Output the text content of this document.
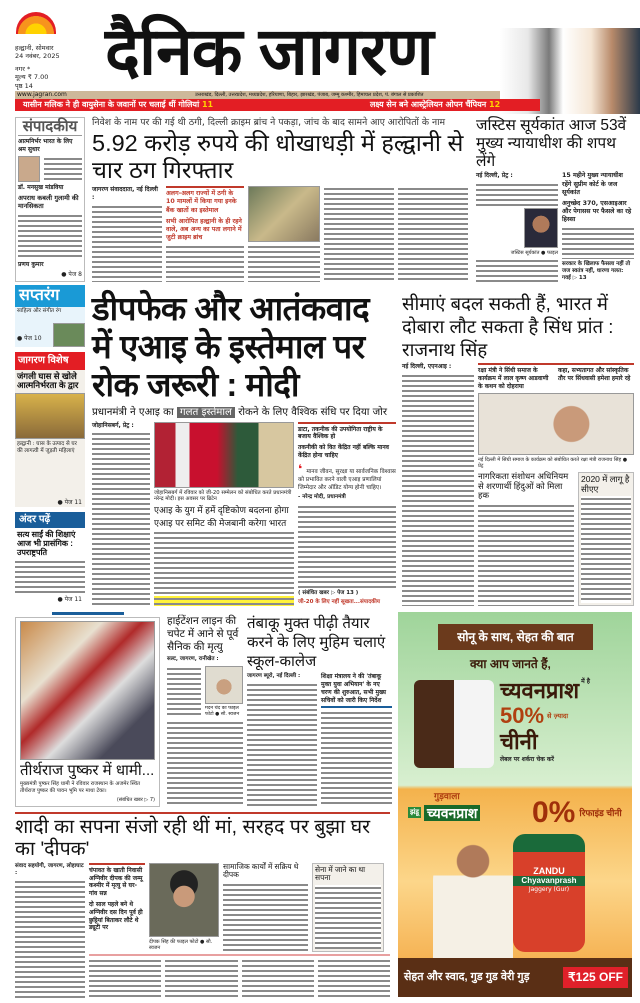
हल्द्वानी, सोमवार
24 नवंबर, 2025
नगर *
मूल्य ₹ 7.00
पृष्ठ 14	दैनिक जागरण
www.jagran.com	उत्तराखंड, दिल्ली, उत्तरप्रदेश, मध्यप्रदेश, हरियाणा, बिहार, झारखंड, पंजाब, जम्मू कश्मीर, हिमाचल प्रदेश, पं. बंगाल से प्रकाशित
यासीन मलिक ने ही वायुसेना के जवानों पर चलाई थीं गोलियां 11	लक्ष्य सेन बने आस्ट्रेलियन ओपन चैंपियन 12
संपादकीय
आत्मनिर्भर भारत के लिए श्रम सुधार
डॉ. मनसुख मांडविया
अपराध कबली गुलामी की मानसिकता
प्रणय कुमार
● पेज 8
सप्तरंग
साहित्य और संगीत रंग
● पेज 10
जागरण विशेष
जंगली घास से खोले आत्मनिर्भरता के द्वार
हल्द्वानी : घास के उत्पाद से घर की लागत्वी में जुड़ती महिलाएं
● पेज 11
अंदर पढ़ें
सत्य साईं की शिक्षाएं आज भी प्रासंगिक : उपराष्ट्रपति
● पेज 11
निवेश के नाम पर की गई थी ठगी, दिल्ली क्राइम ब्रांच ने पकड़ा, जांच के बाद सामने आए आरोपितों के नाम
5.92 करोड़ रुपये की धोखाधड़ी में हल्द्वानी से चार ठग गिरफ्तार
जागरण संवाददाता, नई दिल्ली :
अलग-अलग राज्यों में ठगी के 10 मामलों में किया गया इनके बैंक खातों का इस्तेमाल
सभी आरोपित हल्द्वानी के ही रहने वाले, अब अन्य का पता लगाने में जुटी क्राइम ब्रांच
जस्टिस सूर्यकांत आज 53वें मुख्य न्यायाधीश की शपथ लेंगे
नई दिल्ली, प्रेट्र :
जस्टिस सूर्यकांत ● फाइल
15 महीने मुख्य न्यायाधीश रहेंगे सुप्रीम कोर्ट के जज सूर्यकांत
अनुच्छेद 370, एसआइआर और पेगासस पर फैसले का रहे हिस्सा
सरकार के खिलाफ फैसला नहीं तो जज स्वतंत्र नहीं, धारणा गलत: गवई ▷ 13
डीपफेक और आतंकवाद में एआइ के इस्तेमाल पर रोक जरूरी : मोदी
प्रधानमंत्री ने एआइ का गलत इस्तेमाल रोकने के लिए वैश्विक संधि पर दिया जोर
जोहानिसबर्ग, प्रेट्र :
जोहानिसबर्ग में रविवार को जी-20 सम्मेलन को संबोधित करते प्रधानमंत्री नरेन्द्र मोदी। इस अवसर पर ब्रिटेन
एआइ के युग में हमें दृष्टिकोण बदलना होगा
एआइ पर समिट की मेजबानी करेगा भारत
डाटा, तकनीक की उपयोगिता राष्ट्रीय के बजाय वैश्विक हो
तकनीकी को वित केंद्रित नहीं बल्कि मानव केंद्रित होना चाहिए
❛ मानव जीवन, सुरक्षा या सार्वजनिक विश्वास को प्रभावित करने वाली एआइ प्रणालियां जिम्मेदार और ऑडिट योग्य होनी चाहिए।
- नरेन्द्र मोदी, प्रधानमंत्री
( संबंधित खबर ▷ पेज 13 )
जी-20 के लिए नहीं सूखता...संपादकीय
सीमाएं बदल सकती हैं, भारत में दोबारा लौट सकता है सिंध प्रांत : राजनाथ सिंह
नई दिल्ली, एएनआइ :
रक्षा मंत्री ने सिंधी समाज के कार्यक्रम में लाल कृष्ण आडवाणी के कथन को दोहराया
कहा, सभ्यतागत और सांस्कृतिक तौर पर सिंधवासी हमेशा हमारे रहे
नई दिल्ली में सिंधी समाज के कार्यक्रम को संबोधित करते रक्षा मंत्री राजनाथ सिंह ● प्रेट्र
नागरिकता संशोधन अधिनियम से शरणार्थी हिंदुओं को मिला हक
2020 में लागू है सीएए
तीर्थराज पुष्कर में धामी...
मुख्यमंत्री पुष्कर सिंह धामी ने रविवार राजस्थान के अजमेर स्थित तीर्थराज पुष्कर की पावन भूमि पर माथा टेका।
(संबंधित खबर ▷ 7)
हाईटेंशन लाइन की चपेट में आने से पूर्व सैनिक की मृत्यु
सल्ट, जागरण, रानीखेत :
मदन चंद का फाइल फोटो ● सौ. स्वजन
तंबाकू मुक्त पीढ़ी तैयार करने के लिए मुहिम चलाएं स्कूल-कालेज
जागरण ब्यूरो, नई दिल्ली :	शिक्षा मंत्रालय ने की 'तंबाकू मुक्त युवा अभियान' के नए चरण की शुरुआत, सभी मुख्य सचिवों को जारी किए निर्देश
सोनू के साथ, सेहत की बात
क्या आप जानते हैं,
च्यवनप्राश में है
50% से ज़्यादा
चीनी
लेबल पर शर्करा चेक करें
गुड़वाला
झंडू च्यवनप्राश 0% रिफाइंड चीनी
ZANDU
Chyavanprash
Jaggery (Gur)
सेहत और स्वाद, गुड गुड वेरी गुड़	₹125 OFF
शादी का सपना संजो रही थीं मां, सरहद पर बुझा घर का 'दीपक'
संवाद सहयोगी, जागरण, लोहाघाट :	चंपावत के खाती निवासी अग्निवीर दीपक की जम्मू कश्मीर में मृत्यु से घर-गांव सन्न
दो साल पहले बने थे अग्निवीर दस दिन पूर्व ही छुट्टियां बिताकर लौटे थे ड्यूटी पर
दीपक सिंह की फाइल फोटो ● सौ. स्वजन
सामाजिक कार्यों में सक्रिय थे दीपक
सेना में जाने का था सपना
